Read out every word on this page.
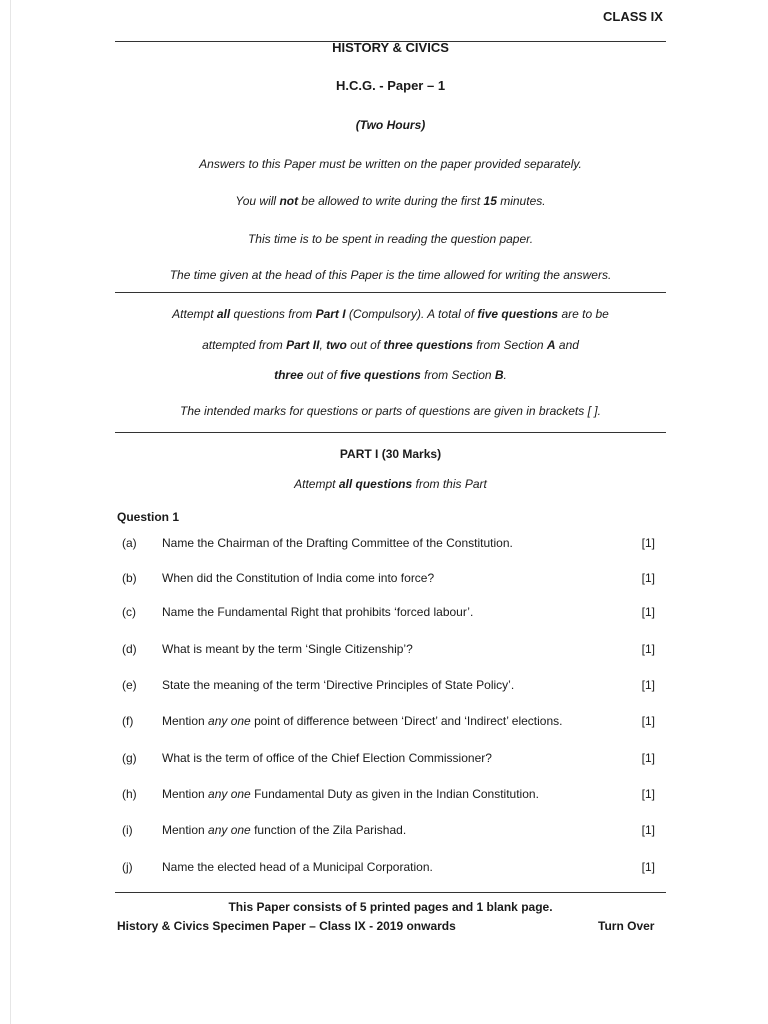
CLASS IX
HISTORY & CIVICS
H.C.G. - Paper – 1
(Two Hours)
Answers to this Paper must be written on the paper provided separately.
You will not be allowed to write during the first 15 minutes.
This time is to be spent in reading the question paper.
The time given at the head of this Paper is the time allowed for writing the answers.
Attempt all questions from Part I (Compulsory). A total of five questions are to be
attempted from Part II, two out of three questions from Section A and
three out of five questions from Section B.
The intended marks for questions or parts of questions are given in brackets [ ].
PART I (30 Marks)
Attempt all questions from this Part
Question 1
(a) Name the Chairman of the Drafting Committee of the Constitution.	[1]
(b) When did the Constitution of India come into force?	[1]
(c) Name the Fundamental Right that prohibits ‘forced labour’.	[1]
(d) What is meant by the term ‘Single Citizenship’?	[1]
(e) State the meaning of the term ‘Directive Principles of State Policy’.	[1]
(f) Mention any one point of difference between ‘Direct’ and ‘Indirect’ elections.	[1]
(g) What is the term of office of the Chief Election Commissioner?	[1]
(h) Mention any one Fundamental Duty as given in the Indian Constitution.	[1]
(i) Mention any one function of the Zila Parishad.	[1]
(j) Name the elected head of a Municipal Corporation.	[1]
This Paper consists of 5 printed pages and 1 blank page.
History & Civics Specimen Paper – Class IX - 2019 onwards	Turn Over
